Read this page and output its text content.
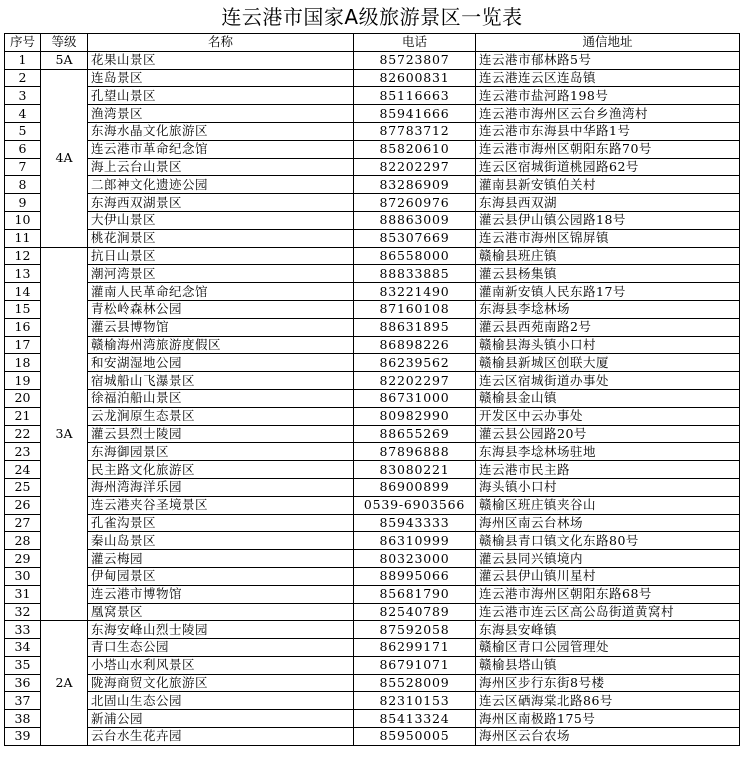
连云港市国家A级旅游景区一览表
序号	等级	名称	电话	通信地址
1	5A	花果山景区	85723807	连云港市郁林路5号
2	4A	连岛景区	82600831	连云港连云区连岛镇
3		孔望山景区	85116663	连云港市盐河路198号
4		渔湾景区	85941666	连云港市海州区云台乡渔湾村
5		东海水晶文化旅游区	87783712	连云港市东海县中华路1号
6		连云港市革命纪念馆	85820610	连云港市海州区朝阳东路70号
7		海上云台山景区	82202297	连云区宿城街道桃园路62号
8		二郎神文化遗迹公园	83286909	灌南县新安镇伯关村
9		东海西双湖景区	87260976	东海县西双湖
10		大伊山景区	88863009	灌云县伊山镇公园路18号
11		桃花涧景区	85307669	连云港市海州区锦屏镇
12	3A	抗日山景区	86558000	赣榆县班庄镇
13		潮河湾景区	88833885	灌云县杨集镇
14		灌南人民革命纪念馆	83221490	灌南新安镇人民东路17号
15		青松岭森林公园	87160108	东海县李埝林场
16		灌云县博物馆	88631895	灌云县西苑南路2号
17		赣榆海州湾旅游度假区	86898226	赣榆县海头镇小口村
18		和安湖湿地公园	86239562	赣榆县新城区创联大厦
19		宿城船山飞瀑景区	82202297	连云区宿城街道办事处
20		徐福泊船山景区	86731000	赣榆县金山镇
21		云龙涧原生态景区	80982990	开发区中云办事处
22		灌云县烈士陵园	88655269	灌云县公园路20号
23		东海御园景区	87896888	东海县李埝林场驻地
24		民主路文化旅游区	83080221	连云港市民主路
25		海州湾海洋乐园	86900899	海头镇小口村
26		连云港夹谷圣境景区	0539-6903566	赣榆区班庄镇夹谷山
27		孔雀沟景区	85943333	海州区南云台林场
28		秦山岛景区	86310999	赣榆县青口镇文化东路80号
29		灌云梅园	80323000	灌云县同兴镇境内
30		伊甸园景区	88995066	灌云县伊山镇川星村
31		连云港市博物馆	85681790	连云港市海州区朝阳东路68号
32		凰窝景区	82540789	连云港市连云区高公岛街道黄窝村
33	2A	东海安峰山烈士陵园	87592058	东海县安峰镇
34		青口生态公园	86299171	赣榆区青口公园管理处
35		小塔山水利风景区	86791071	赣榆县塔山镇
36		陇海商贸文化旅游区	85528009	海州区步行东街8号楼
37		北固山生态公园	82310153	连云区硒海棠北路86号
38		新浦公园	85413324	海州区南极路175号
39		云台水生花卉园	85950005	海州区云台农场
